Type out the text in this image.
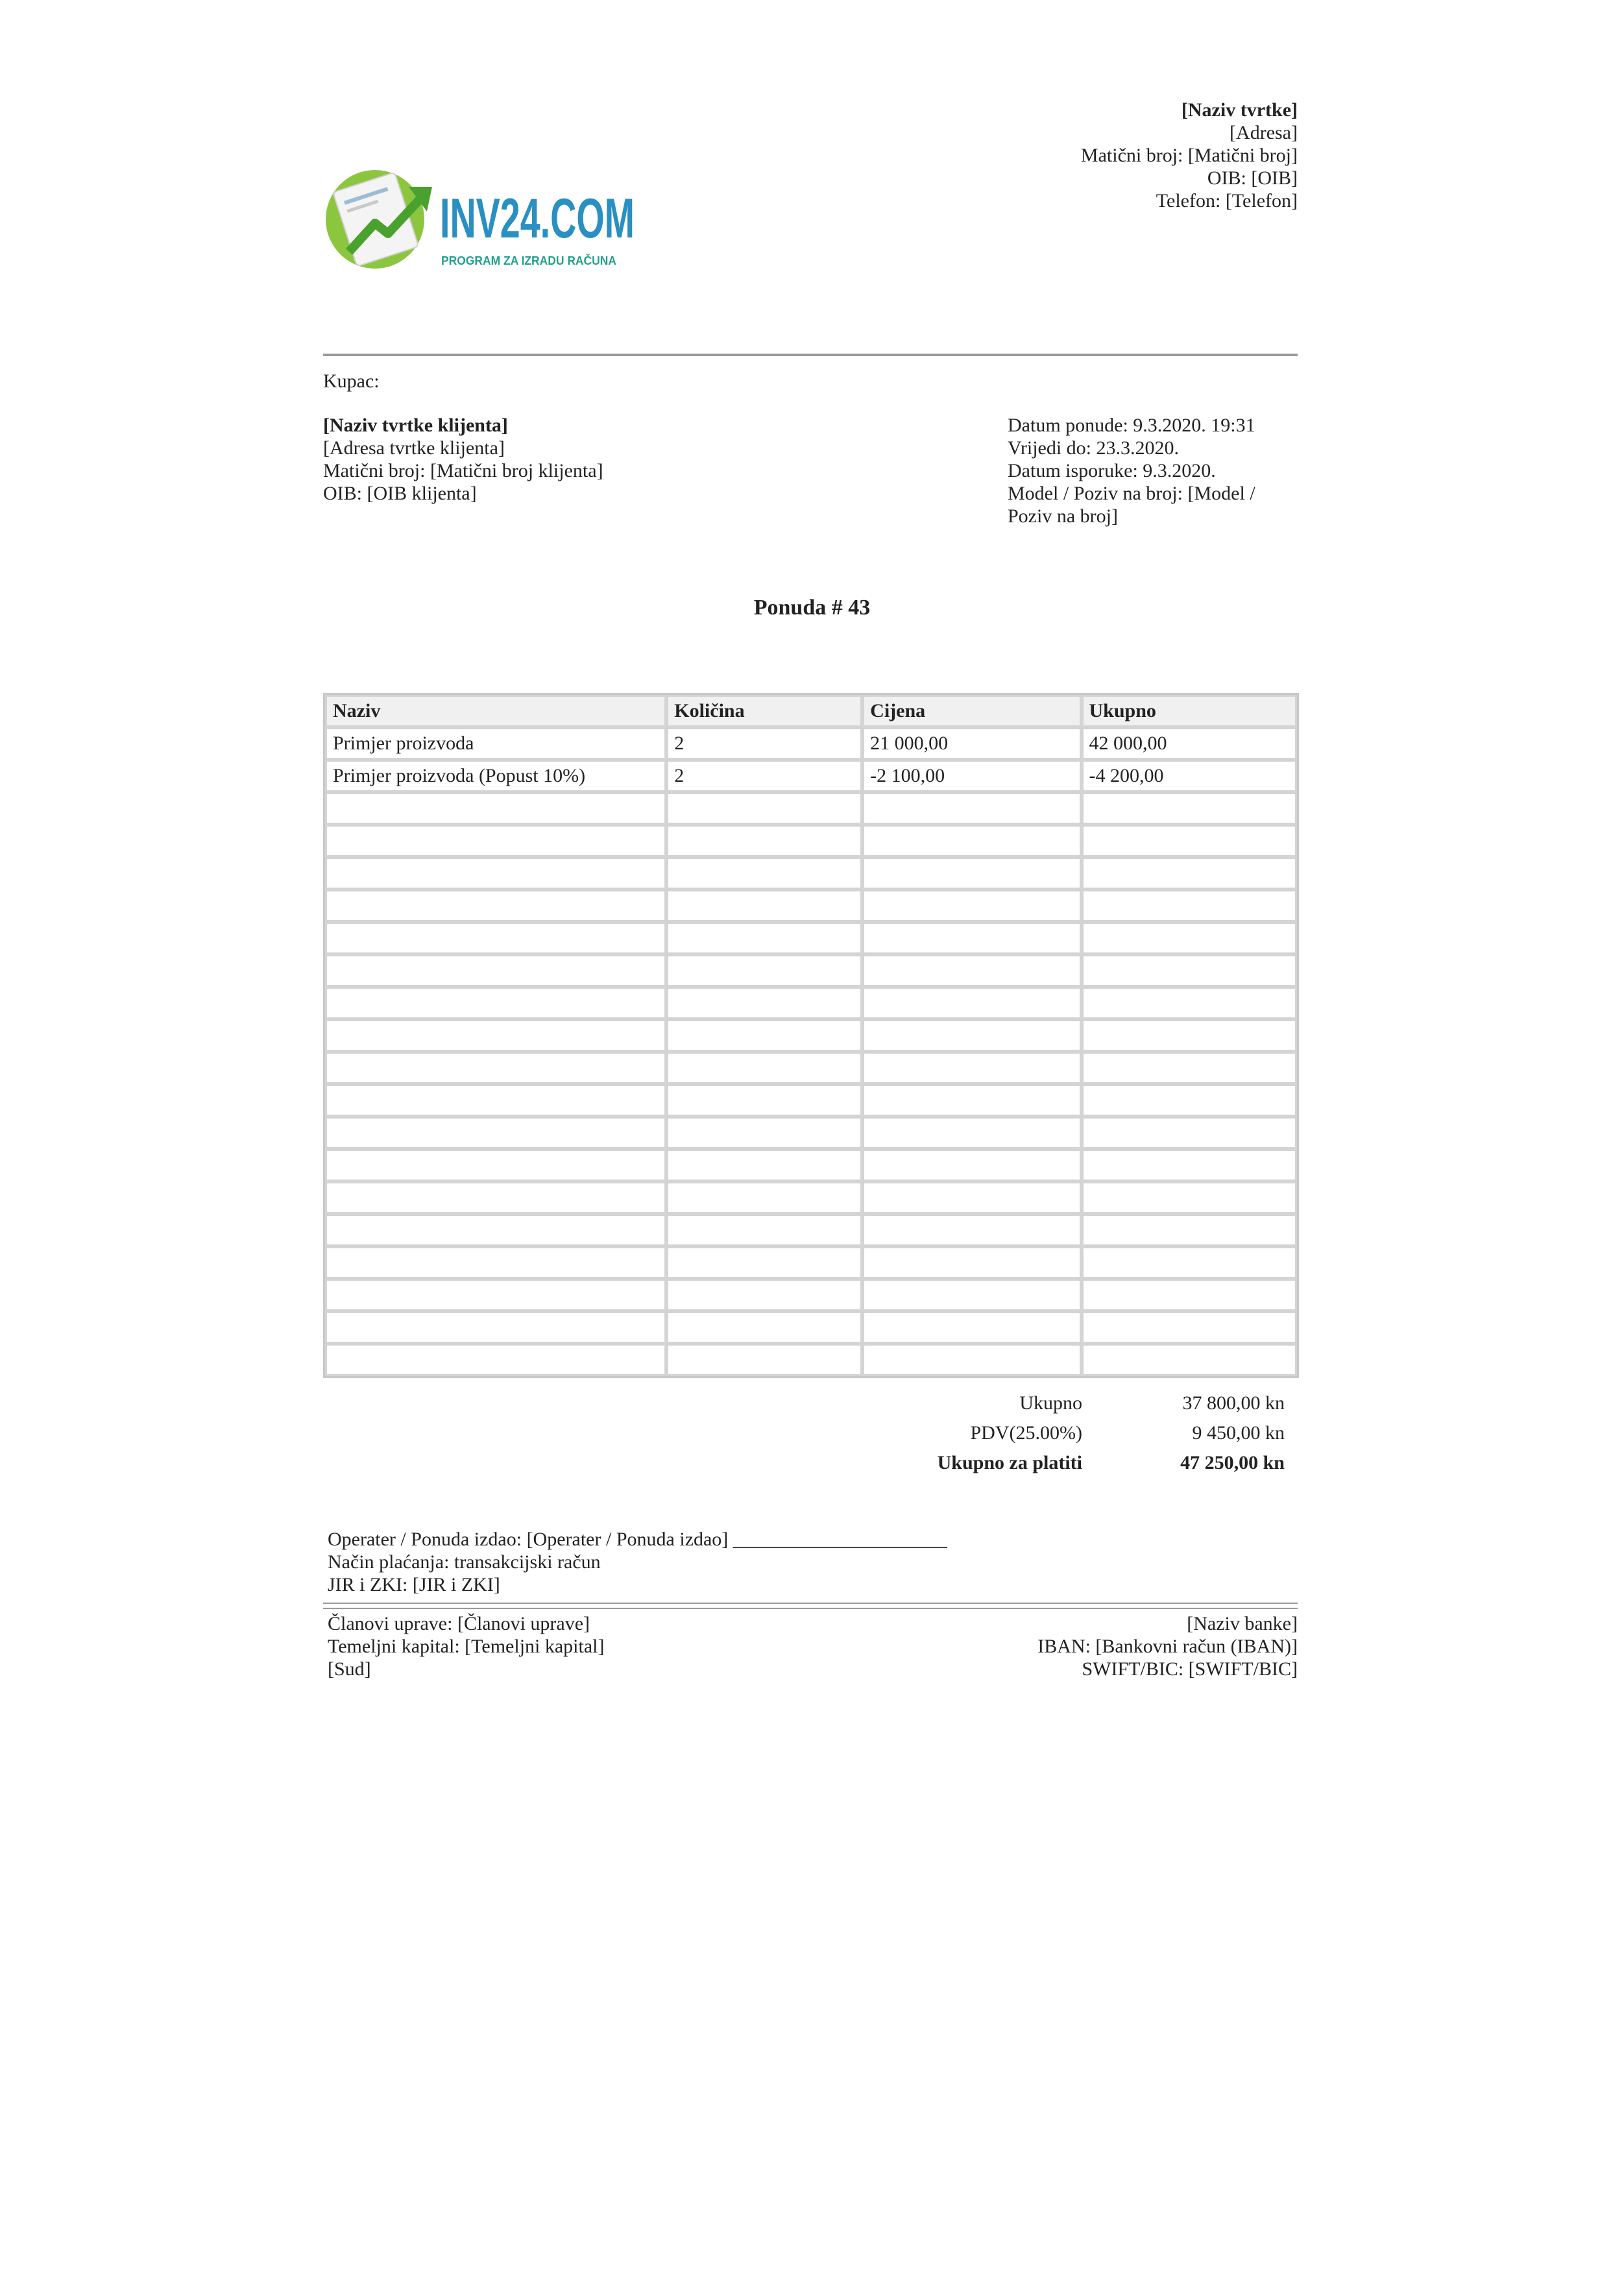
[Naziv tvrtke]
[Adresa]
Matični broj: [Matični broj]
OIB: [OIB]
Telefon: [Telefon]
INV24.COM
PROGRAM ZA IZRADU RAČUNA
Kupac:
[Naziv tvrtke klijenta]
[Adresa tvrtke klijenta]
Matični broj: [Matični broj klijenta]
OIB: [OIB klijenta]
Datum ponude: 9.3.2020. 19:31
Vrijedi do: 23.3.2020.
Datum isporuke: 9.3.2020.
Model / Poziv na broj: [Model / Poziv na broj]
Ponuda # 43
Naziv	Količina	Cijena	Ukupno
Primjer proizvoda	2	21 000,00	42 000,00
Primjer proizvoda (Popust 10%)	2	-2 100,00	-4 200,00

Ukupno	37 800,00 kn
PDV(25.00%)	9 450,00 kn
Ukupno za platiti	47 250,00 kn
Operater / Ponuda izdao: [Operater / Ponuda izdao] ______________________
Način plaćanja: transakcijski račun
JIR i ZKI: [JIR i ZKI]
Članovi uprave: [Članovi uprave]
Temeljni kapital: [Temeljni kapital]
[Sud]
[Naziv banke]
IBAN: [Bankovni račun (IBAN)]
SWIFT/BIC: [SWIFT/BIC]
